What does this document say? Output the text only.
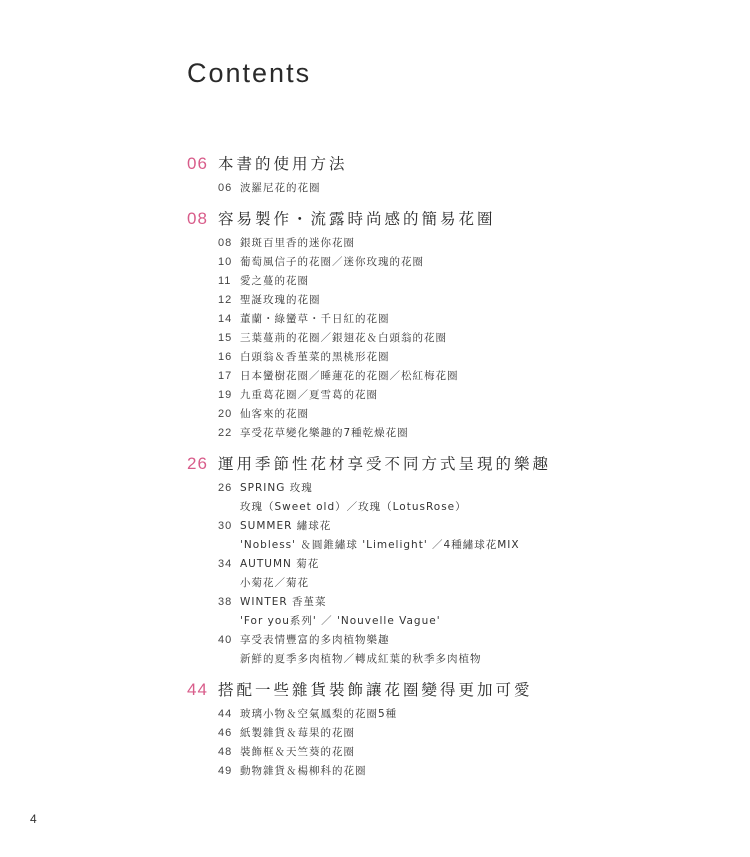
Contents
06 本書的使用方法
06 波羅尼花的花圈
08 容易製作・流露時尚感的簡易花圈
08 銀斑百里香的迷你花圈
10 葡萄風信子的花圈／迷你玫瑰的花圈
11 愛之蔓的花圈
12 聖誕玫瑰的花圈
14 董蘭・綠蠻草・千日紅的花圈
15 三葉蔓荊的花圈／銀翅花＆白頭翁的花圈
16 白頭翁＆香堇菜的黑桃形花圈
17 日本蠻樹花圈／睡蓮花的花圈／松紅梅花圈
19 九重葛花圈／夏雪葛的花圈
20 仙客來的花圈
22 享受花草變化樂趣的7種乾燥花圈
26 運用季節性花材享受不同方式呈現的樂趣
26 SPRING 玫瑰
玫瑰（Sweet old）／玫瑰（LotusRose）
30 SUMMER 繡球花
'Nobless' ＆圓錐繡球 'Limelight' ／4種繡球花MIX
34 AUTUMN 菊花
小菊花／菊花
38 WINTER 香堇菜
'For you系列' ／ 'Nouvelle Vague'
40 享受表情豐富的多肉植物樂趣
新鮮的夏季多肉植物／轉成紅葉的秋季多肉植物
44 搭配一些雜貨裝飾讓花圈變得更加可愛
44 玻璃小物＆空氣鳳梨的花圈5種
46 紙製雜貨＆莓果的花圈
48 裝飾框＆天竺葵的花圈
49 動物雜貨＆楊柳科的花圈
4
